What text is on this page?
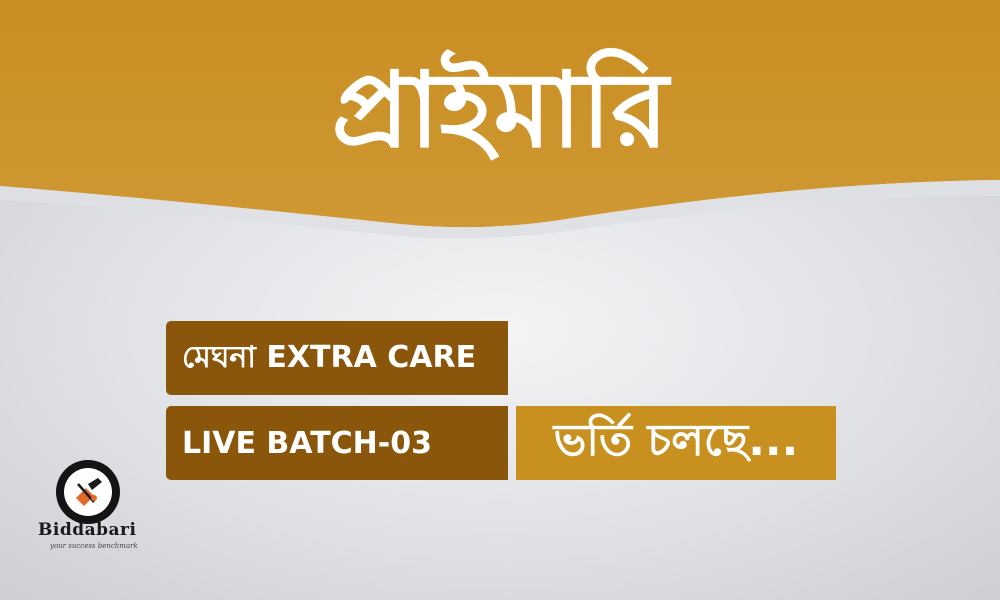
প্রাইমারি
মেঘনা EXTRA CARE
LIVE BATCH-03	ভর্তি চলছে...
Biddabari
your success benchmark
